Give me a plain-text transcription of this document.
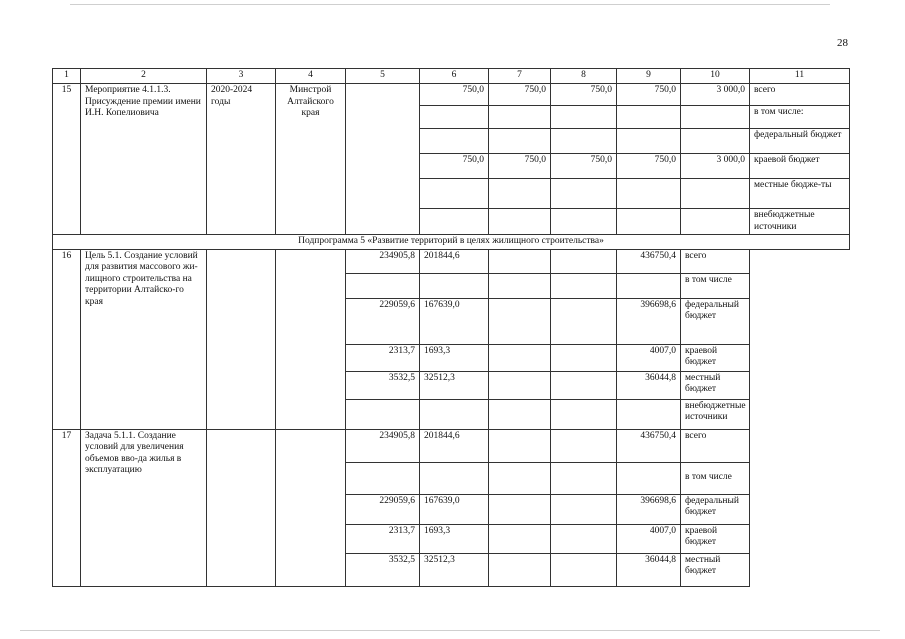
28
1	2	3	4	5	6	7	8	9	10	11
15	Мероприятие 4.1.1.3. Присуждение премии имени И.Н. Копелиовича	2020-2024 годы	Минстрой Алтайского края		750,0	750,0	750,0	750,0	3 000,0	всего
										в том числе:
										федеральный бюджет
					750,0	750,0	750,0	750,0	3 000,0	краевой бюджет
										местные бюдже-ты
										внебюджетные источники
Подпрограмма 5 «Развитие территорий в целях жилищного строительства»										
16	Цель 5.1. Создание условий для развития массового жи-лищного строительства на территории Алтайско-го края			234905,8	201844,6			436750,4	всего	
									в том числе	
				229059,6	167639,0			396698,6	федеральный бюджет	
				2313,7	1693,3			4007,0	краевой бюджет	
				3532,5	32512,3			36044,8	местный бюджет	
									внебюджетные источники	
17	Задача 5.1.1. Создание условий для увеличения объемов вво-да жилья в эксплуатацию			234905,8	201844,6			436750,4	всего	
									в том числе	
				229059,6	167639,0			396698,6	федеральный бюджет	
				2313,7	1693,3			4007,0	краевой бюджет	
				3532,5	32512,3			36044,8	местный бюджет	
